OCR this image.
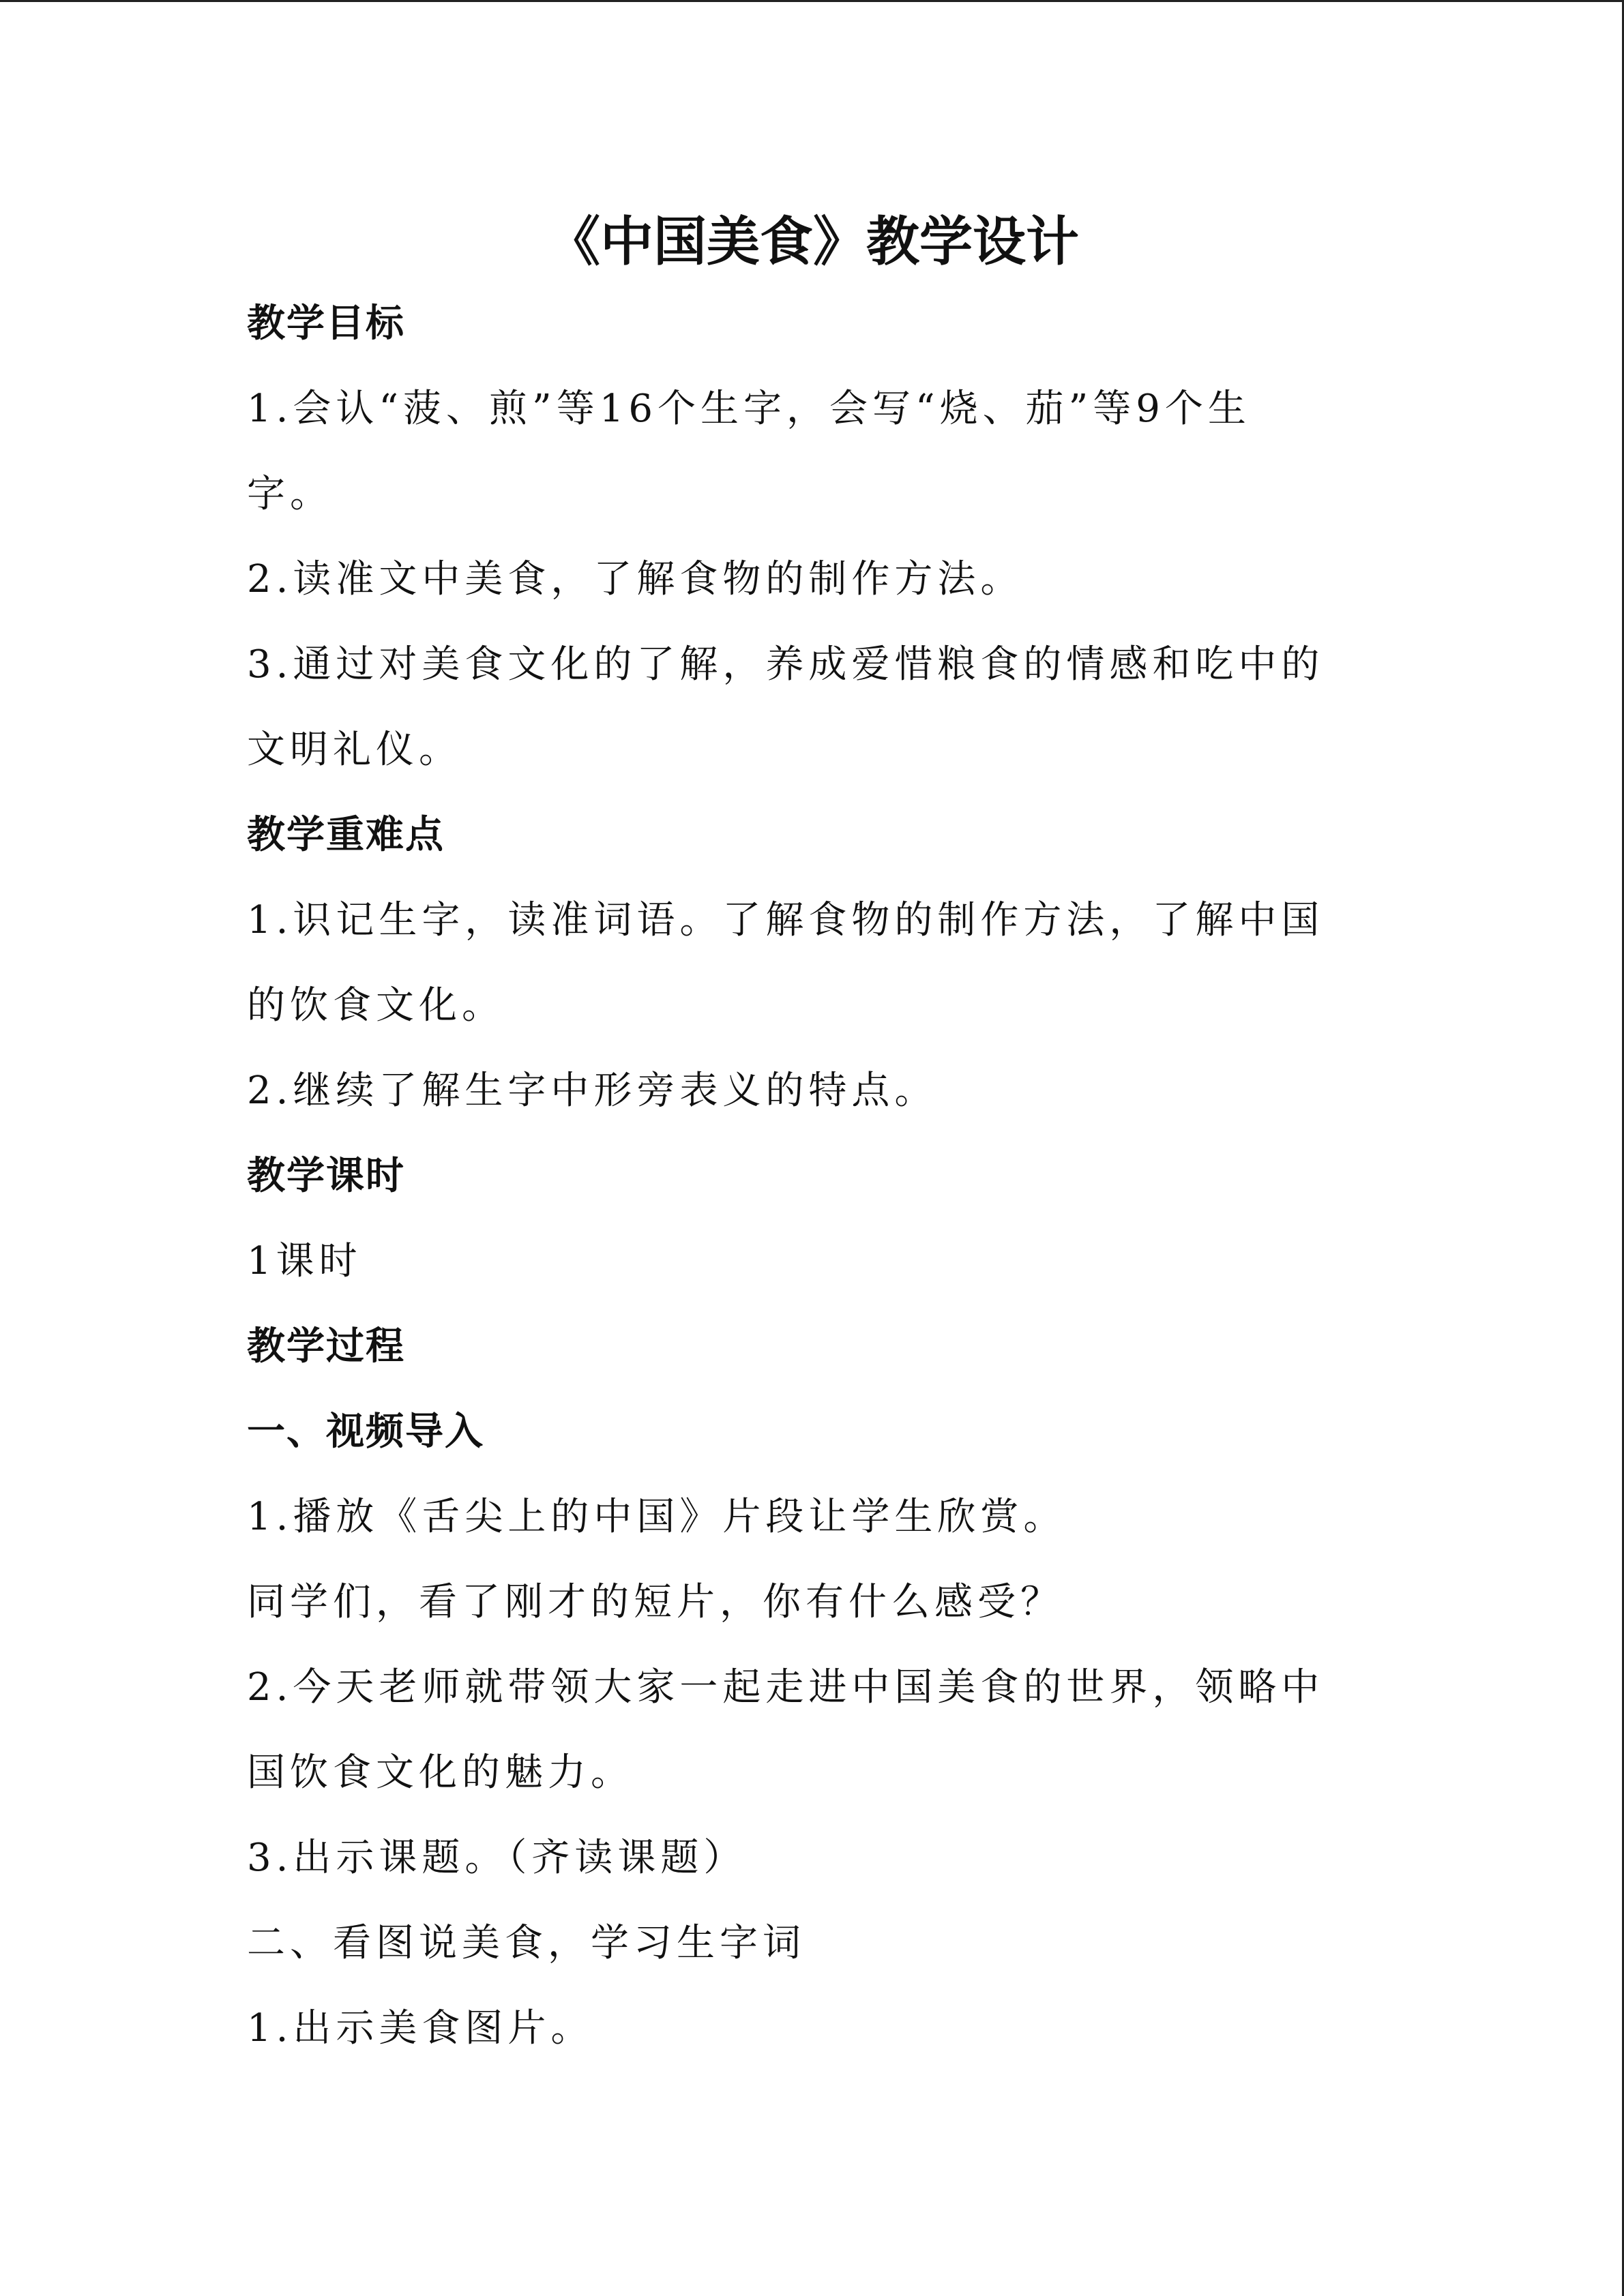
《中国美食》教学设计

教学目标

1.会认“菠、煎”等16个生字，会写“烧、茄”等9个生

字。

2.读准文中美食，了解食物的制作方法。

3.通过对美食文化的了解，养成爱惜粮食的情感和吃中的

文明礼仪。

教学重难点

1.识记生字，读准词语。了解食物的制作方法，了解中国

的饮食文化。

2.继续了解生字中形旁表义的特点。

教学课时

1课时

教学过程

一、视频导入

1.播放《舌尖上的中国》片段让学生欣赏。

同学们，看了刚才的短片，你有什么感受？

2.今天老师就带领大家一起走进中国美食的世界，领略中

国饮食文化的魅力。

3.出示课题。（齐读课题）

二、看图说美食，学习生字词

1.出示美食图片。
